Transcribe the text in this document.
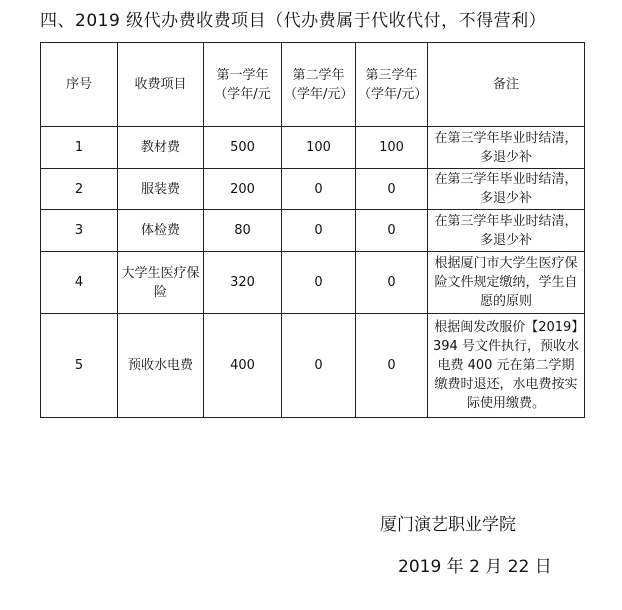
四、2019 级代办费收费项目（代办费属于代收代付，不得营利）
序号	收费项目	第一学年（学年/元	第二学年（学年/元）	第三学年（学年/元）	备注
1	教材费	500	100	100	在第三学年毕业时结清，多退少补
2	服装费	200	0	0	在第三学年毕业时结清，多退少补
3	体检费	80	0	0	在第三学年毕业时结清，多退少补
4	大学生医疗保险	320	0	0	根据厦门市大学生医疗保险文件规定缴纳，学生自愿的原则
5	预收水电费	400	0	0	根据闽发改服价【2019】394 号文件执行，预收水电费 400 元在第二学期缴费时退还，水电费按实际使用缴费。
厦门演艺职业学院
2019 年 2 月 22 日
